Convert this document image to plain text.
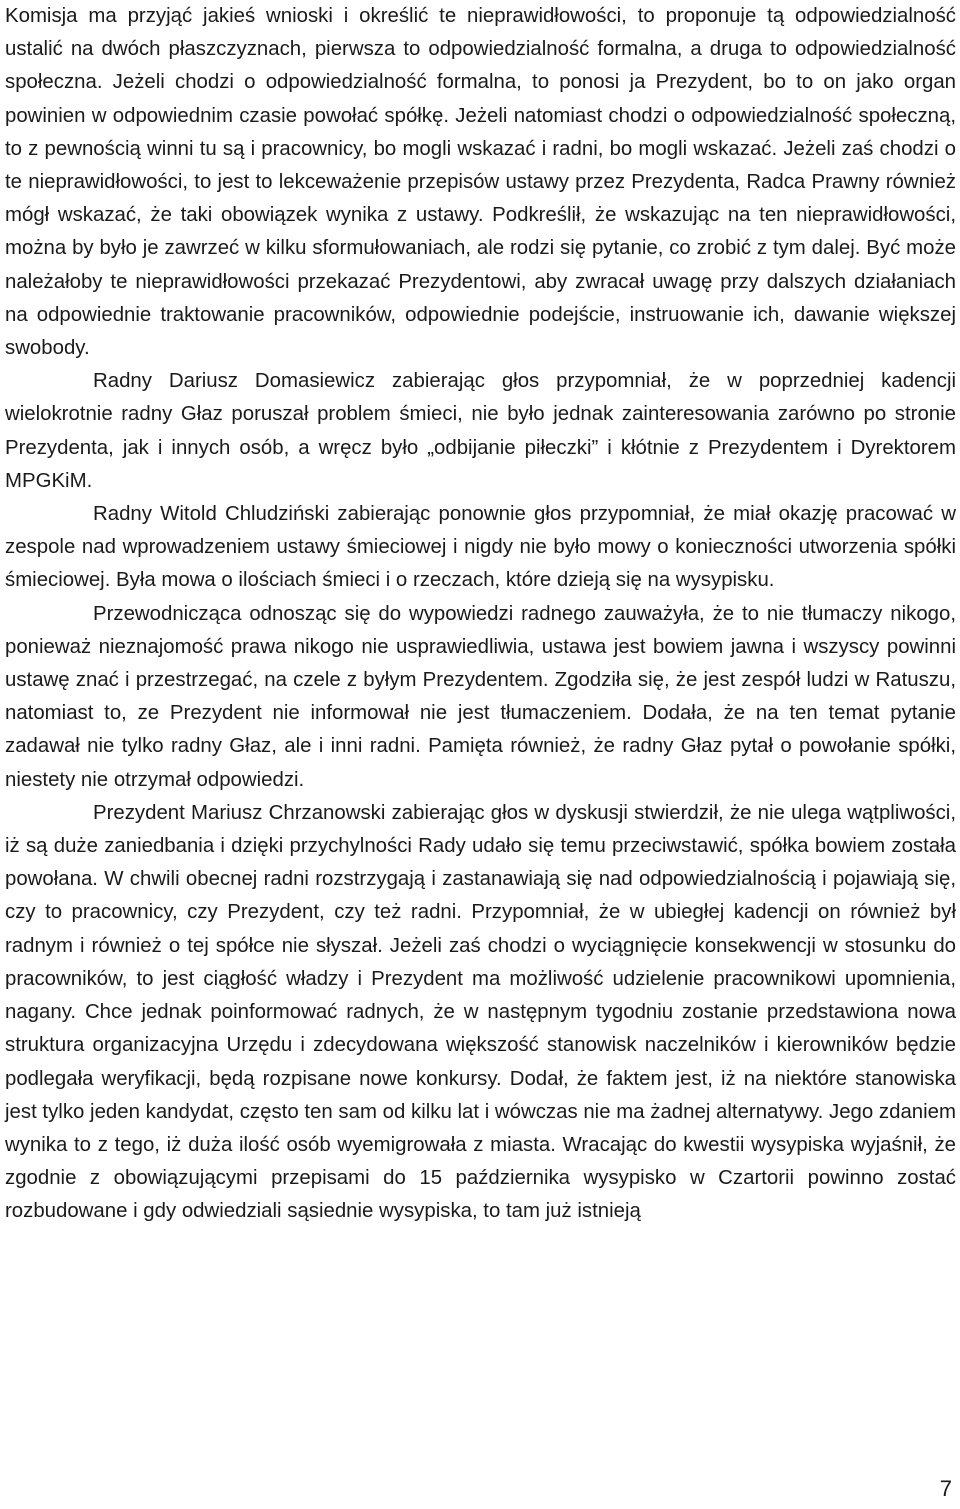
Komisja ma przyjąć jakieś wnioski i określić te nieprawidłowości, to proponuje tą odpowiedzialność ustalić na dwóch płaszczyznach, pierwsza to odpowiedzialność formalna, a druga to odpowiedzialność społeczna. Jeżeli chodzi o odpowiedzialność formalna, to ponosi ja Prezydent, bo to on jako organ powinien w odpowiednim czasie powołać spółkę. Jeżeli natomiast chodzi o odpowiedzialność społeczną, to z pewnością winni tu są i pracownicy, bo mogli wskazać i radni, bo mogli wskazać. Jeżeli zaś chodzi o te nieprawidłowości, to jest to lekceważenie przepisów ustawy przez Prezydenta, Radca Prawny również mógł wskazać, że taki obowiązek wynika z ustawy. Podkreślił, że wskazując na ten nieprawidłowości, można by było je zawrzeć w kilku sformułowaniach, ale rodzi się pytanie, co zrobić z tym dalej. Być może należałoby te nieprawidłowości przekazać Prezydentowi, aby zwracał uwagę przy dalszych działaniach na odpowiednie traktowanie pracowników, odpowiednie podejście, instruowanie ich, dawanie większej swobody.

Radny Dariusz Domasiewicz zabierając głos przypomniał, że w poprzedniej kadencji wielokrotnie radny Głaz poruszał problem śmieci, nie było jednak zainteresowania zarówno po stronie Prezydenta, jak i innych osób, a wręcz było „odbijanie piłeczki” i kłótnie z Prezydentem i Dyrektorem MPGKiM.

Radny Witold Chludziński zabierając ponownie głos przypomniał, że miał okazję pracować w zespole nad wprowadzeniem ustawy śmieciowej i nigdy nie było mowy o konieczności utworzenia spółki śmieciowej. Była mowa o ilościach śmieci i o rzeczach, które dzieją się na wysypisku.

Przewodnicząca odnosząc się do wypowiedzi radnego zauważyła, że to nie tłumaczy nikogo, ponieważ nieznajomość prawa nikogo nie usprawiedliwia, ustawa jest bowiem jawna i wszyscy powinni ustawę znać i przestrzegać, na czele z byłym Prezydentem. Zgodziła się, że jest zespół ludzi w Ratuszu, natomiast to, ze Prezydent nie informował nie jest tłumaczeniem. Dodała, że na ten temat pytanie zadawał nie tylko radny Głaz, ale i inni radni. Pamięta również, że radny Głaz pytał o powołanie spółki, niestety nie otrzymał odpowiedzi.

Prezydent Mariusz Chrzanowski zabierając głos w dyskusji stwierdził, że nie ulega wątpliwości, iż są duże zaniedbania i dzięki przychylności Rady udało się temu przeciwstawić, spółka bowiem została powołana. W chwili obecnej radni rozstrzygają i zastanawiają się nad odpowiedzialnością i pojawiają się, czy to pracownicy, czy Prezydent, czy też radni. Przypomniał, że w ubiegłej kadencji on również był radnym i również o tej spółce nie słyszał. Jeżeli zaś chodzi o wyciągnięcie konsekwencji w stosunku do pracowników, to jest ciągłość władzy i Prezydent ma możliwość udzielenie pracownikowi upomnienia, nagany. Chce jednak poinformować radnych, że w następnym tygodniu zostanie przedstawiona nowa struktura organizacyjna Urzędu i zdecydowana większość stanowisk naczelników i kierowników będzie podlegała weryfikacji, będą rozpisane nowe konkursy. Dodał, że faktem jest, iż na niektóre stanowiska jest tylko jeden kandydat, często ten sam od kilku lat i wówczas nie ma żadnej alternatywy. Jego zdaniem wynika to z tego, iż duża ilość osób wyemigrowała z miasta. Wracając do kwestii wysypiska wyjaśnił, że zgodnie z obowiązującymi przepisami do 15 października wysypisko w Czartorii powinno zostać rozbudowane i gdy odwiedziali sąsiednie wysypiska, to tam już istnieją

7
